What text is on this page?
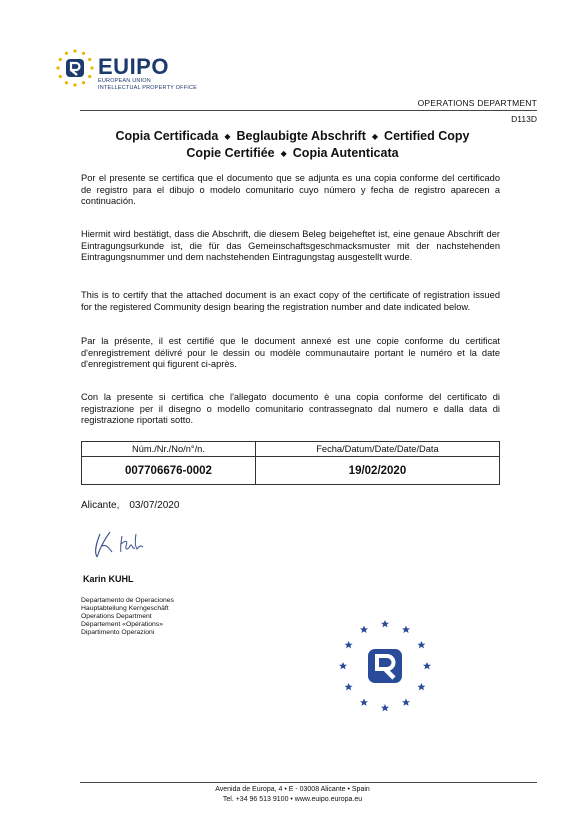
EUIPO
EUROPEAN UNION
INTELLECTUAL PROPERTY OFFICE
OPERATIONS DEPARTMENT
D113D
Copia Certificada ◆ Beglaubigte Abschrift ◆ Certified Copy
Copie Certifiée ◆ Copia Autenticata
Por el presente se certifica que el documento que se adjunta es una copia conforme del certificado de registro para el dibujo o modelo comunitario cuyo número y fecha de registro aparecen a continuación.
Hiermit wird bestätigt, dass die Abschrift, die diesem Beleg beigeheftet ist, eine genaue Abschrift der Eintragungsurkunde ist, die für das Gemeinschaftsgeschmacksmuster mit der nachstehenden Eintragungsnummer und dem nachstehenden Eintragungstag ausgestellt wurde.
This is to certify that the attached document is an exact copy of the certificate of registration issued for the registered Community design bearing the registration number and date indicated below.
Par la présente, il est certifié que le document annexé est une copie conforme du certificat d'enregistrement délivré pour le dessin ou modèle communautaire portant le numéro et la date d'enregistrement qui figurent ci-après.
Con la presente si certifica che l'allegato documento è una copia conforme del certificato di registrazione per il disegno o modello comunitario contrassegnato dal numero e dalla data di registrazione riportati sotto.
Núm./Nr./No/n°/n.	Fecha/Datum/Date/Date/Data
007706676-0002	19/02/2020
Alicante, 03/07/2020
Karin KUHL
Departamento de Operaciones
Hauptabteilung Kerngeschäft
Operations Department
Département «Opérations»
Dipartimento Operazioni
Avenida de Europa, 4 • E - 03008 Alicante • Spain
Tel. +34 96 513 9100 • www.euipo.europa.eu
